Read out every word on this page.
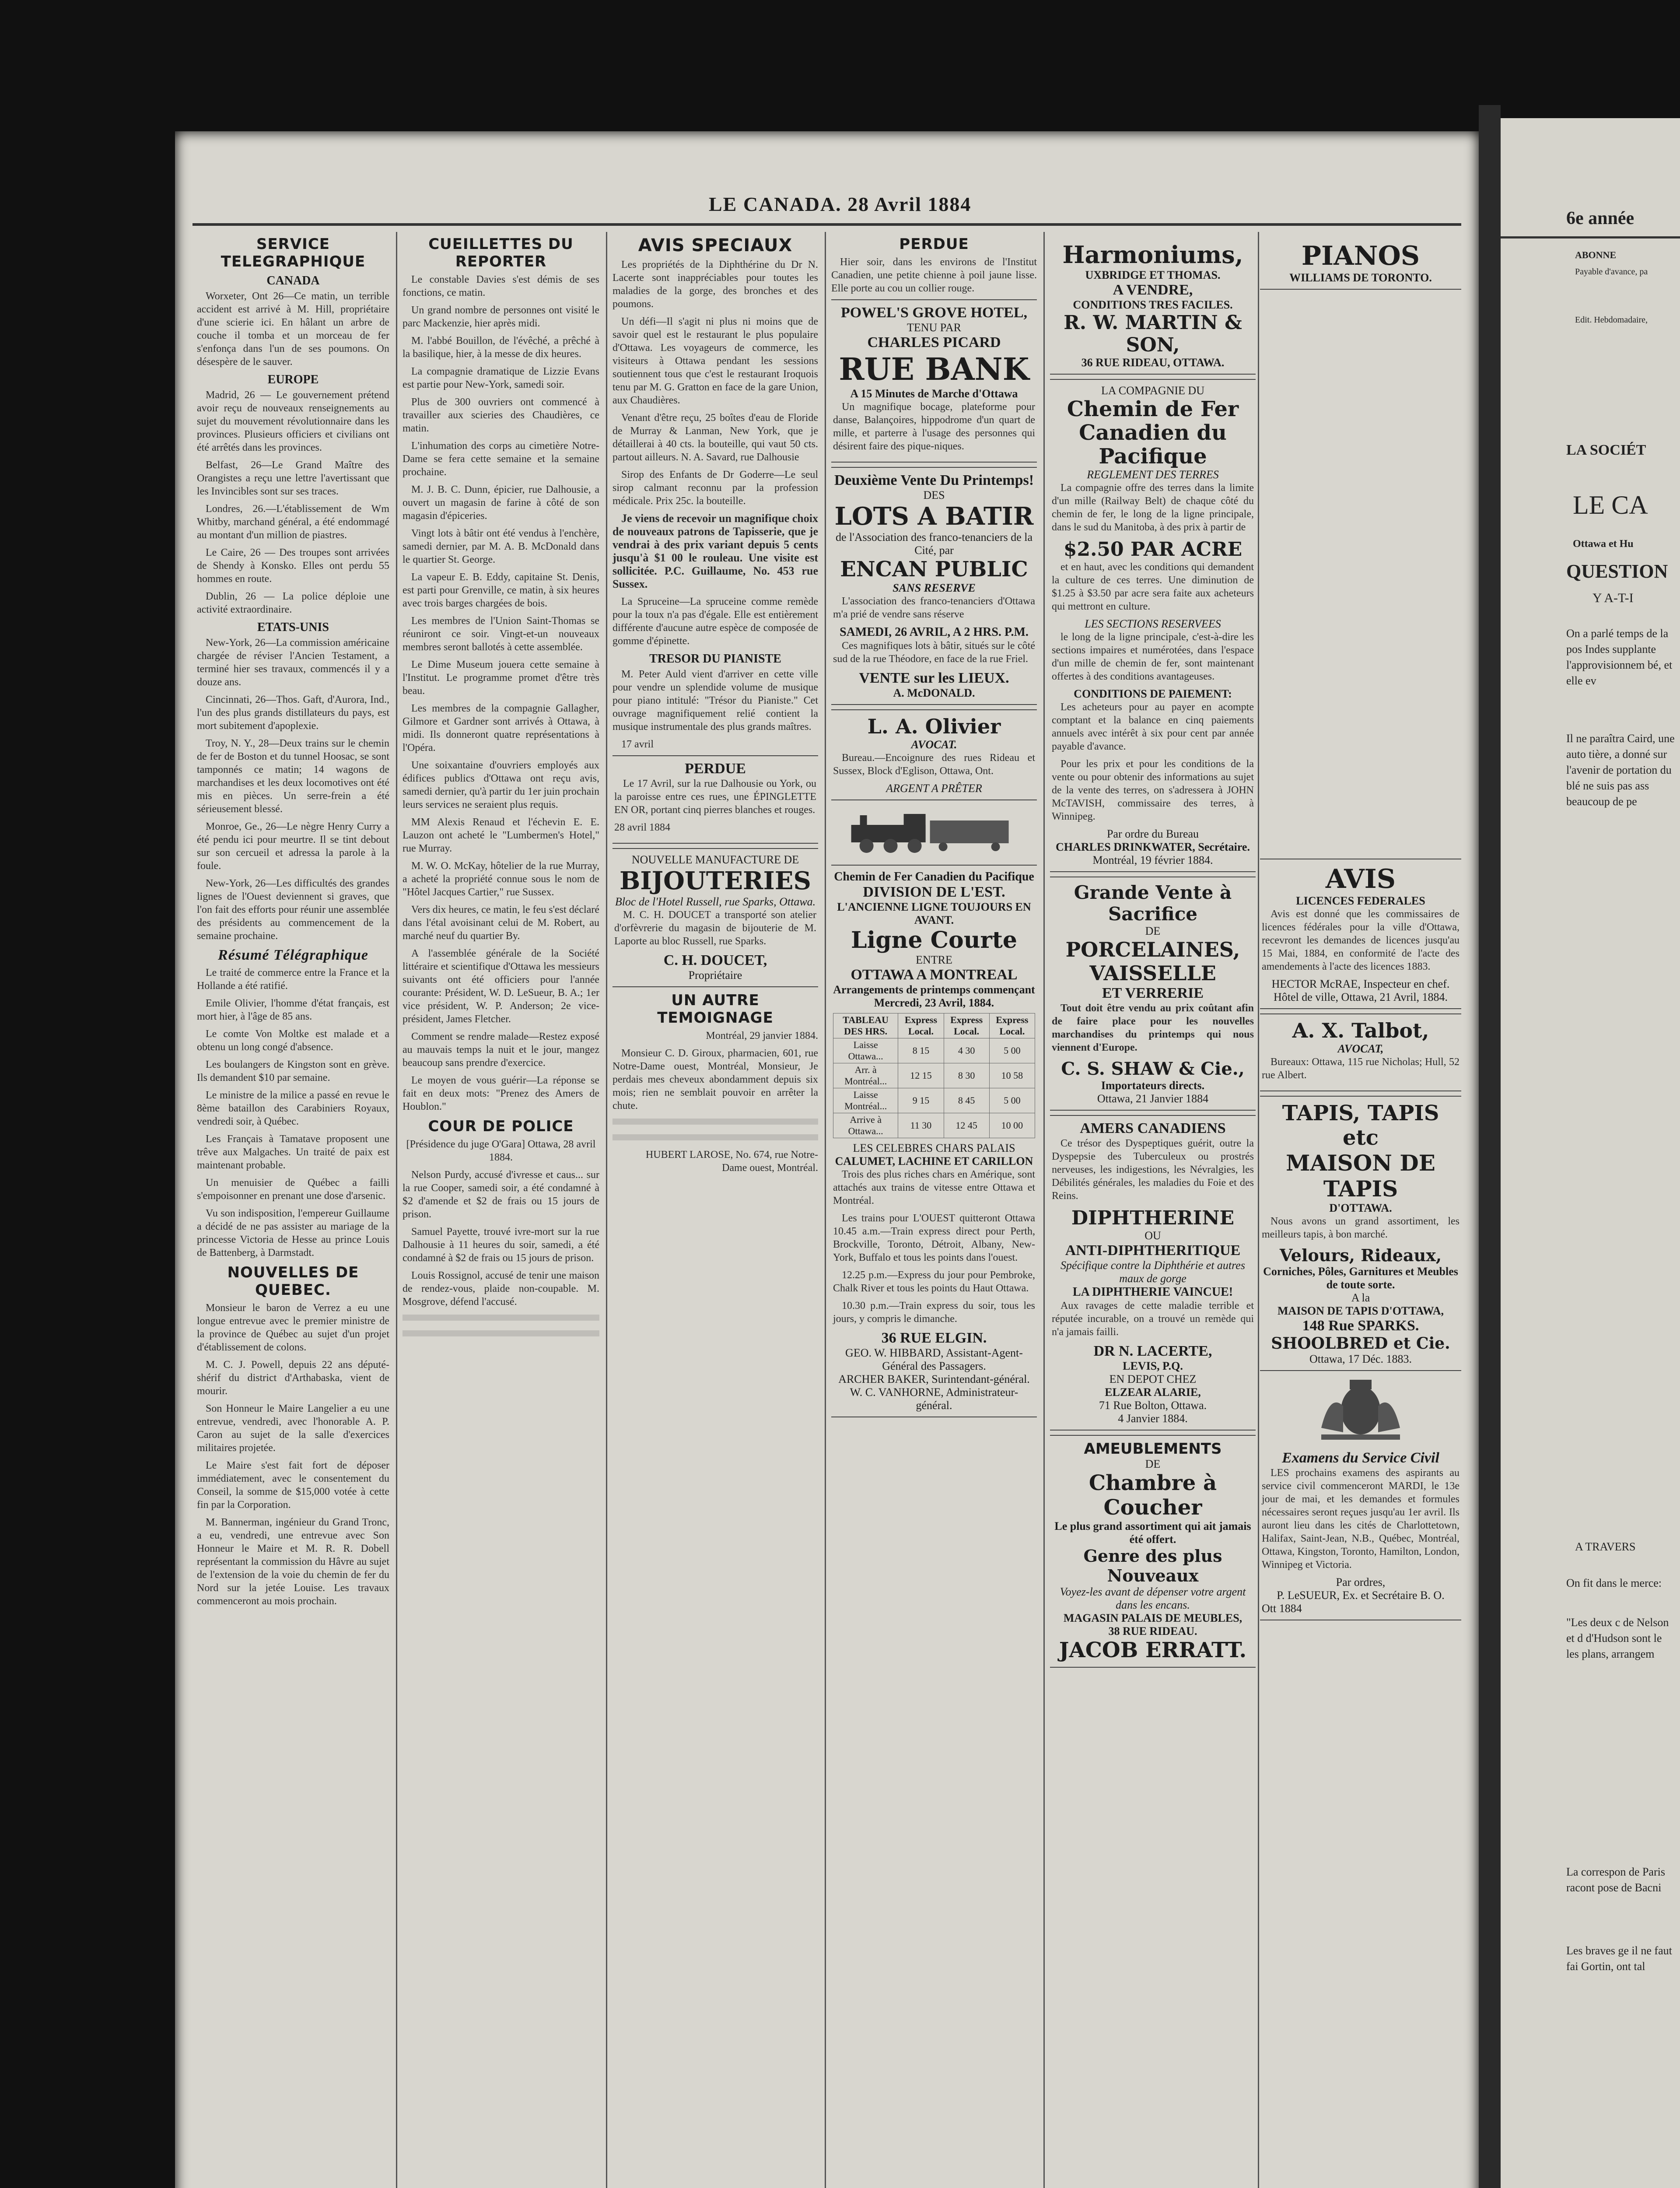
LE CANADA. 28 Avril 1884
SERVICE TELEGRAPHIQUE
CANADA

Worxeter, Ont 26—Ce matin, un terrible accident est arrivé à M. Hill, propriétaire d'une scierie ici. En hâlant un arbre de couche il tomba et un morceau de fer s'enfonça dans l'un de ses poumons. On désespère de le sauver.

EUROPE

Madrid, 26 — Le gouvernement prétend avoir reçu de nouveaux renseignements au sujet du mouvement révolutionnaire dans les provinces. Plusieurs officiers et civilians ont été arrêtés dans les provinces.

Belfast, 26—Le Grand Maître des Orangistes a reçu une lettre l'avertissant que les Invincibles sont sur ses traces.

Londres, 26.—L'établissement de Wm Whitby, marchand général, a été endommagé au montant d'un million de piastres.

Le Caire, 26 — Des troupes sont arrivées de Shendy à Konsko. Elles ont perdu 55 hommes en route.

Dublin, 26 — La police déploie une activité extraordinaire.

ETATS-UNIS

New-York, 26—La commission américaine chargée de réviser l'Ancien Testament, a terminé hier ses travaux, commencés il y a douze ans.

Cincinnati, 26—Thos. Gaft, d'Aurora, Ind., l'un des plus grands distillateurs du pays, est mort subitement d'apoplexie.

Troy, N. Y., 28—Deux trains sur le chemin de fer de Boston et du tunnel Hoosac, se sont tamponnés ce matin; 14 wagons de marchandises et les deux locomotives ont été mis en pièces. Un serre-frein a été sérieusement blessé.

Monroe, Ge., 26—Le nègre Henry Curry a été pendu ici pour meurtre. Il se tint debout sur son cercueil et adressa la parole à la foule.

New-York, 26—Les difficultés des grandes lignes de l'Ouest deviennent si graves, que l'on fait des efforts pour réunir une assemblée des présidents au commencement de la semaine prochaine.

Résumé Télégraphique

Le traité de commerce entre la France et la Hollande a été ratifié.

Emile Olivier, l'homme d'état français, est mort hier, à l'âge de 85 ans.

Le comte Von Moltke est malade et a obtenu un long congé d'absence.

Les boulangers de Kingston sont en grève. Ils demandent $10 par semaine.

Le ministre de la milice a passé en revue le 8ème bataillon des Carabiniers Royaux, vendredi soir, à Québec.

Les Français à Tamatave proposent une trêve aux Malgaches. Un traité de paix est maintenant probable.

Un menuisier de Québec a failli s'empoisonner en prenant une dose d'arsenic.

Vu son indisposition, l'empereur Guillaume a décidé de ne pas assister au mariage de la princesse Victoria de Hesse au prince Louis de Battenberg, à Darmstadt.

NOUVELLES DE QUEBEC.

Monsieur le baron de Verrez a eu une longue entrevue avec le premier ministre de la province de Québec au sujet d'un projet d'établissement de colons.

M. C. J. Powell, depuis 22 ans député-shérif du district d'Arthabaska, vient de mourir.

Son Honneur le Maire Langelier a eu une entrevue, vendredi, avec l'honorable A. P. Caron au sujet de la salle d'exercices militaires projetée.

Le Maire s'est fait fort de déposer immédiatement, avec le consentement du Conseil, la somme de $15,000 votée à cette fin par la Corporation.

M. Bannerman, ingénieur du Grand Tronc, a eu, vendredi, une entrevue avec Son Honneur le Maire et M. R. R. Dobell représentant la commission du Hâvre au sujet de l'extension de la voie du chemin de fer du Nord sur la jetée Louise. Les travaux commenceront au mois prochain.

CUEILLETTES DU REPORTER

Le constable Davies s'est démis de ses fonctions, ce matin.

Un grand nombre de personnes ont visité le parc Mackenzie, hier après midi.

M. l'abbé Bouillon, de l'évêché, a prêché à la basilique, hier, à la messe de dix heures.

La compagnie dramatique de Lizzie Evans est partie pour New-York, samedi soir.

Plus de 300 ouvriers ont commencé à travailler aux scieries des Chaudières, ce matin.

L'inhumation des corps au cimetière Notre-Dame se fera cette semaine et la semaine prochaine.

M. J. B. C. Dunn, épicier, rue Dalhousie, a ouvert un magasin de farine à côté de son magasin d'épiceries.

Vingt lots à bâtir ont été vendus à l'enchère, samedi dernier, par M. A. B. McDonald dans le quartier St. George.

La vapeur E. B. Eddy, capitaine St. Denis, est parti pour Grenville, ce matin, à six heures avec trois barges chargées de bois.

Les membres de l'Union Saint-Thomas se réuniront ce soir. Vingt-et-un nouveaux membres seront ballotés à cette assemblée.

Le Dime Museum jouera cette semaine à l'Institut. Le programme promet d'être très beau.

Les membres de la compagnie Gallagher, Gilmore et Gardner sont arrivés à Ottawa, à midi. Ils donneront quatre représentations à l'Opéra.

Une soixantaine d'ouvriers employés aux édifices publics d'Ottawa ont reçu avis, samedi dernier, qu'à partir du 1er juin prochain leurs services ne seraient plus requis.

MM Alexis Renaud et l'échevin E. E. Lauzon ont acheté le "Lumbermen's Hotel," rue Murray.

M. W. O. McKay, hôtelier de la rue Murray, a acheté la propriété connue sous le nom de "Hôtel Jacques Cartier," rue Sussex.

Vers dix heures, ce matin, le feu s'est déclaré dans l'étal avoisinant celui de M. Robert, au marché neuf du quartier By.

A l'assemblée générale de la Société littéraire et scientifique d'Ottawa les messieurs suivants ont été officiers pour l'année courante: Président, W. D. LeSueur, B. A.; 1er vice président, W. P. Anderson; 2e vice-président, James Fletcher.

Comment se rendre malade—Restez exposé au mauvais temps la nuit et le jour, mangez beaucoup sans prendre d'exercice.

Le moyen de vous guérir—La réponse se fait en deux mots: "Prenez des Amers de Houblon."

COUR DE POLICE

[Présidence du juge O'Gara] Ottawa, 28 avril 1884.

Nelson Purdy, accusé d'ivresse et caus... sur la rue Cooper, samedi soir, a été condamné à $2 d'amende et $2 de frais ou 15 jours de prison.

Samuel Payette, trouvé ivre-mort sur la rue Dalhousie à 11 heures du soir, samedi, a été condamné à $2 de frais ou 15 jours de prison.

Louis Rossignol, accusé de tenir une maison de rendez-vous, plaide non-coupable. M. Mosgrove, défend l'accusé.

AVIS SPECIAUX

Les propriétés de la Diphthérine du Dr N. Lacerte sont inappréciables pour toutes les maladies de la gorge, des bronches et des poumons.

Un défi—Il s'agit ni plus ni moins que de savoir quel est le restaurant le plus populaire d'Ottawa. Les voyageurs de commerce, les visiteurs à Ottawa pendant les sessions soutiennent tous que c'est le restaurant Iroquois tenu par M. G. Gratton en face de la gare Union, aux Chaudières.

Venant d'être reçu, 25 boîtes d'eau de Floride de Murray & Lanman, New York, que je détaillerai à 40 cts. la bouteille, qui vaut 50 cts. partout ailleurs. N. A. Savard, rue Dalhousie

Sirop des Enfants de Dr Goderre—Le seul sirop calmant reconnu par la profession médicale. Prix 25c. la bouteille.

Je viens de recevoir un magnifique choix de nouveaux patrons de Tapisserie, que je vendrai à des prix variant depuis 5 cents jusqu'à $1 00 le rouleau. Une visite est sollicitée. P.C. Guillaume, No. 453 rue Sussex.

La Spruceine—La spruceine comme remède pour la toux n'a pas d'égale. Elle est entièrement différente d'aucune autre espèce de composée de gomme d'épinette.

TRESOR DU PIANISTE

M. Peter Auld vient d'arriver en cette ville pour vendre un splendide volume de musique pour piano intitulé: "Trésor du Pianiste." Cet ouvrage magnifiquement relié contient la musique instrumentale des plus grands maîtres.

17 avril

PERDUE

Le 17 Avril, sur la rue Dalhousie ou York, ou la paroisse entre ces rues, une ÉPINGLETTE EN OR, portant cinq pierres blanches et rouges.

28 avril 1884

NOUVELLE MANUFACTURE DE
BIJOUTERIES
Bloc de l'Hotel Russell, rue Sparks, Ottawa.

M. C. H. DOUCET a transporté son atelier d'orfèvrerie du magasin de bijouterie de M. Laporte au bloc Russell, rue Sparks.

C. H. DOUCET,
Propriétaire
UN AUTRE TEMOIGNAGE

Montréal, 29 janvier 1884.

Monsieur C. D. Giroux, pharmacien, 601, rue Notre-Dame ouest, Montréal, Monsieur, Je perdais mes cheveux abondamment depuis six mois; rien ne semblait pouvoir en arrêter la chute.

HUBERT LAROSE, No. 674, rue Notre-Dame ouest, Montréal.

PERDUE

Hier soir, dans les environs de l'Institut Canadien, une petite chienne à poil jaune lisse. Elle porte au cou un collier rouge.

POWEL'S GROVE HOTEL,
TENU PAR
CHARLES PICARD
RUE BANK
A 15 Minutes de Marche d'Ottawa

Un magnifique bocage, plateforme pour danse, Balançoires, hippodrome d'un quart de mille, et parterre à l'usage des personnes qui désirent faire des pique-niques.

Deuxième Vente Du Printemps!
DES
LOTS A BATIR
de l'Association des franco-tenanciers de la Cité, par
ENCAN PUBLIC
SANS RESERVE

L'association des franco-tenanciers d'Ottawa m'a prié de vendre sans réserve

SAMEDI, 26 AVRIL, A 2 HRS. P.M.

Ces magnifiques lots à bâtir, situés sur le côté sud de la rue Théodore, en face de la rue Friel.

VENTE sur les LIEUX.
A. McDONALD.
L. A. Olivier
AVOCAT.

Bureau.—Encoignure des rues Rideau et Sussex, Block d'Eglison, Ottawa, Ont.

ARGENT A PRÊTER
Chemin de Fer Canadien du Pacifique
DIVISION DE L'EST.
L'ANCIENNE LIGNE TOUJOURS EN AVANT.
Ligne Courte
ENTRE
OTTAWA A MONTREAL
Arrangements de printemps commençant Mercredi, 23 Avril, 1884.
TABLEAU DES HRS.	Express Local.	Express Local.	Express Local.
Laisse Ottawa...	8 15	4 30	5 00
Arr. à Montréal...	12 15	8 30	10 58
Laisse Montréal...	9 15	8 45	5 00
Arrive à Ottawa...	11 30	12 45	10 00
LES CELEBRES CHARS PALAIS
CALUMET, LACHINE ET CARILLON

Trois des plus riches chars en Amérique, sont attachés aux trains de vitesse entre Ottawa et Montréal.

Les trains pour L'OUEST quitteront Ottawa 10.45 a.m.—Train express direct pour Perth, Brockville, Toronto, Détroit, Albany, New-York, Buffalo et tous les points dans l'ouest.

12.25 p.m.—Express du jour pour Pembroke, Chalk River et tous les points du Haut Ottawa.

10.30 p.m.—Train express du soir, tous les jours, y compris le dimanche.

36 RUE ELGIN.
GEO. W. HIBBARD, Assistant-Agent-Général des Passagers.
ARCHER BAKER, Surintendant-général.
W. C. VANHORNE, Administrateur-général.
Harmoniums,
UXBRIDGE ET THOMAS.
A VENDRE,
CONDITIONS TRES FACILES.
R. W. MARTIN & SON,
36 RUE RIDEAU, OTTAWA.
LA COMPAGNIE DU
Chemin de Fer Canadien du Pacifique
REGLEMENT DES TERRES

La compagnie offre des terres dans la limite d'un mille (Railway Belt) de chaque côté du chemin de fer, le long de la ligne principale, dans le sud du Manitoba, à des prix à partir de

$2.50 PAR ACRE

et en haut, avec les conditions qui demandent la culture de ces terres. Une diminution de $1.25 à $3.50 par acre sera faite aux acheteurs qui mettront en culture.

LES SECTIONS RESERVEES

le long de la ligne principale, c'est-à-dire les sections impaires et numérotées, dans l'espace d'un mille de chemin de fer, sont maintenant offertes à des conditions avantageuses.

CONDITIONS DE PAIEMENT:

Les acheteurs pour au payer en acompte comptant et la balance en cinq paiements annuels avec intérêt à six pour cent par année payable d'avance.

Pour les prix et pour les conditions de la vente ou pour obtenir des informations au sujet de la vente des terres, on s'adressera à JOHN McTAVISH, commissaire des terres, à Winnipeg.

Par ordre du Bureau
CHARLES DRINKWATER, Secrétaire.
Montréal, 19 février 1884.
Grande Vente à Sacrifice
DE
PORCELAINES, VAISSELLE
ET VERRERIE

Tout doit être vendu au prix coûtant afin de faire place pour les nouvelles marchandises du printemps qui nous viennent d'Europe.

C. S. SHAW & Cie.,
Importateurs directs.
Ottawa, 21 Janvier 1884
AMERS CANADIENS

Ce trésor des Dyspeptiques guérit, outre la Dyspepsie des Tuberculeux ou prostrés nerveuses, les indigestions, les Névralgies, les Débilités générales, les maladies du Foie et des Reins.

DIPHTHERINE
OU
ANTI-DIPHTHERITIQUE
Spécifique contre la Diphthérie et autres maux de gorge
LA DIPHTHERIE VAINCUE!

Aux ravages de cette maladie terrible et réputée incurable, on a trouvé un remède qui n'a jamais failli.

DR N. LACERTE,
LEVIS, P.Q.
EN DEPOT CHEZ
ELZEAR ALARIE,
71 Rue Bolton, Ottawa.
4 Janvier 1884.
AMEUBLEMENTS
DE
Chambre à Coucher
Le plus grand assortiment qui ait jamais été offert.
Genre des plus Nouveaux
Voyez-les avant de dépenser votre argent dans les encans.
MAGASIN PALAIS DE MEUBLES,
38 RUE RIDEAU.
JACOB ERRATT.
PIANOS
WILLIAMS DE TORONTO.
AVIS
LICENCES FEDERALES

Avis est donné que les commissaires de licences fédérales pour la ville d'Ottawa, recevront les demandes de licences jusqu'au 15 Mai, 1884, en conformité de l'acte des amendements à l'acte des licences 1883.

HECTOR McRAE, Inspecteur en chef.
Hôtel de ville, Ottawa, 21 Avril, 1884.
A. X. Talbot,
AVOCAT,

Bureaux: Ottawa, 115 rue Nicholas; Hull, 52 rue Albert.

TAPIS, TAPIS etc
MAISON DE TAPIS
D'OTTAWA.

Nous avons un grand assortiment, les meilleurs tapis, à bon marché.

Velours, Rideaux,
Corniches, Pôles, Garnitures et Meubles de toute sorte.
A la
MAISON DE TAPIS D'OTTAWA,
148 Rue SPARKS.
SHOOLBRED et Cie.
Ottawa, 17 Déc. 1883.
Examens du Service Civil

LES prochains examens des aspirants au service civil commenceront MARDI, le 13e jour de mai, et les demandes et formules nécessaires seront reçues jusqu'au 1er avril. Ils auront lieu dans les cités de Charlottetown, Halifax, Saint-Jean, N.B., Québec, Montréal, Ottawa, Kingston, Toronto, Hamilton, London, Winnipeg et Victoria.

Par ordres,
P. LeSUEUR, Ex. et Secrétaire B. O.
Ott 1884
6e année
ABONNE
Payable d'avance, pa
Edit. Hebdomadaire,
LA SOCIÉT
LE CA
Ottawa et Hu
QUESTION
Y A-T-I
On a parlé temps de la pos Indes supplante l'approvisionnem bé, et elle ev
Il ne paraîtra Caird, une auto tière, a donné sur l'avenir de portation du blé ne suis pas ass beaucoup de pe
A TRAVERS
On fit dans le merce:
"Les deux c de Nelson et d d'Hudson sont le les plans, arrangem
La correspon de Paris racont pose de Bacni
Les braves ge il ne faut fai Gortin, ont tal
